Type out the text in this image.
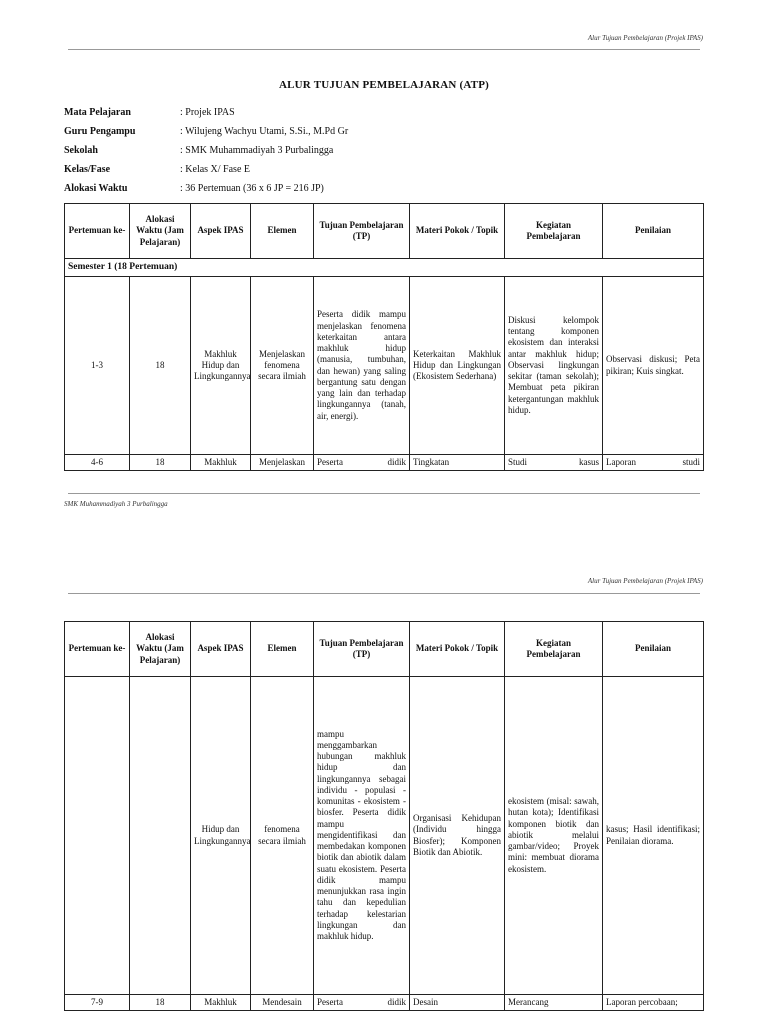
Alur Tujuan Pembelajaran (Projek IPAS)
ALUR TUJUAN PEMBELAJARAN (ATP)
Mata Pelajaran	: Projek IPAS
Guru Pengampu	: Wilujeng Wachyu Utami, S.Si., M.Pd Gr
Sekolah	: SMK Muhammadiyah 3 Purbalingga
Kelas/Fase	: Kelas X/ Fase E
Alokasi Waktu	: 36 Pertemuan (36 x 6 JP = 216 JP)
Pertemuan ke-	Alokasi Waktu (Jam Pelajaran)	Aspek IPAS	Elemen	Tujuan Pembelajaran (TP)	Materi Pokok / Topik	Kegiatan Pembelajaran	Penilaian
Semester 1 (18 Pertemuan)							
1-3	18	Makhluk Hidup dan Lingkungannya	Menjelaskan fenomena secara ilmiah	Peserta didik mampu menjelaskan fenomena keterkaitan antara makhluk hidup (manusia, tumbuhan, dan hewan) yang saling bergantung satu dengan yang lain dan terhadap lingkungannya (tanah, air, energi).	Keterkaitan Makhluk Hidup dan Lingkungan (Ekosistem Sederhana)	Diskusi kelompok tentang komponen ekosistem dan interaksi antar makhluk hidup; Observasi lingkungan sekitar (taman sekolah); Membuat peta pikiran ketergantungan makhluk hidup.	Observasi diskusi; Peta pikiran; Kuis singkat.
4-6	18	Makhluk	Menjelaskan	Peserta didik	Tingkatan	Studi kasus	Laporan studi
SMK Muhammadiyah 3 Purbalingga
Alur Tujuan Pembelajaran (Projek IPAS)
Pertemuan ke-	Alokasi Waktu (Jam Pelajaran)	Aspek IPAS	Elemen	Tujuan Pembelajaran (TP)	Materi Pokok / Topik	Kegiatan Pembelajaran	Penilaian
		Hidup dan Lingkungannya	fenomena secara ilmiah	mampu menggambarkan hubungan makhluk hidup dan lingkungannya sebagai individu - populasi - komunitas - ekosistem - biosfer. Peserta didik mampu mengidentifikasi dan membedakan komponen biotik dan abiotik dalam suatu ekosistem. Peserta didik mampu menunjukkan rasa ingin tahu dan kepedulian terhadap kelestarian lingkungan dan makhluk hidup.	Organisasi Kehidupan (Individu hingga Biosfer); Komponen Biotik dan Abiotik.	ekosistem (misal: sawah, hutan kota); Identifikasi komponen biotik dan abiotik melalui gambar/video; Proyek mini: membuat diorama ekosistem.	kasus; Hasil identifikasi; Penilaian diorama.
7-9	18	Makhluk	Mendesain	Peserta didik	Desain	Merancang	Laporan percobaan;
